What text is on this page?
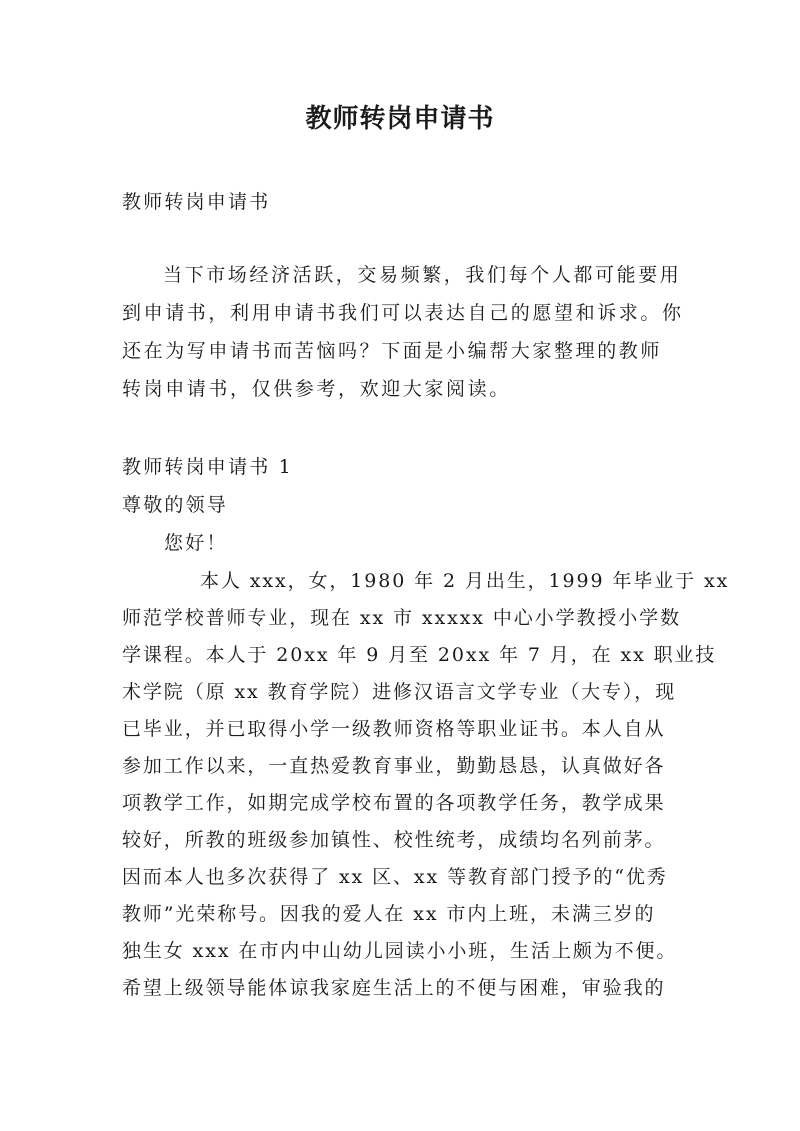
教师转岗申请书
教师转岗申请书
当下市场经济活跃，交易频繁，我们每个人都可能要用
到申请书，利用申请书我们可以表达自己的愿望和诉求。你
还在为写申请书而苦恼吗？下面是小编帮大家整理的教师
转岗申请书，仅供参考，欢迎大家阅读。
教师转岗申请书 1
尊敬的领导
您好！
本人 xxx，女，1980 年 2 月出生，1999 年毕业于 xx
师范学校普师专业，现在 xx 市 xxxxx 中心小学教授小学数
学课程。本人于 20xx 年 9 月至 20xx 年 7 月，在 xx 职业技
术学院（原 xx 教育学院）进修汉语言文学专业（大专），现
已毕业，并已取得小学一级教师资格等职业证书。本人自从
参加工作以来，一直热爱教育事业，勤勤恳恳，认真做好各
项教学工作，如期完成学校布置的各项教学任务，教学成果
较好，所教的班级参加镇性、校性统考，成绩均名列前茅。
因而本人也多次获得了 xx 区、xx 等教育部门授予的“优秀
教师”光荣称号。因我的爱人在 xx 市内上班，未满三岁的
独生女 xxx 在市内中山幼儿园读小小班，生活上颇为不便。
希望上级领导能体谅我家庭生活上的不便与困难，审验我的
